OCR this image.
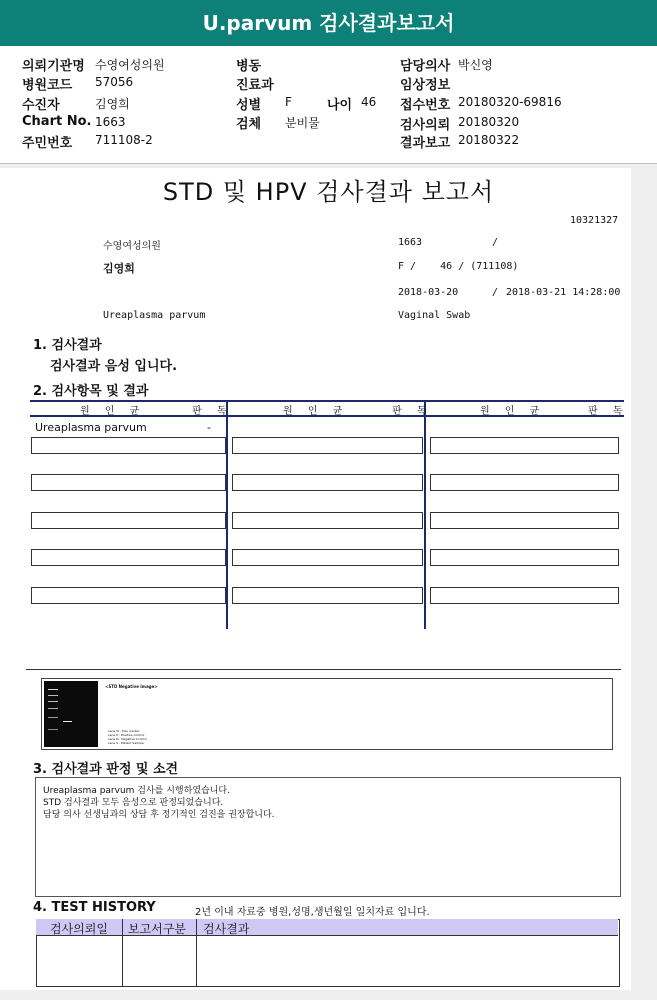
U.parvum 검사결과보고서
의뢰기관명 수영여성의원
병원코드 57056
수진자	김영희
Chart No. 1663
주민번호 711108-2
병동
진료과
성별 F	나이 46
검체 분비물
담당의사 박신영
임상정보
접수번호 20180320-69816
검사의뢰 20180320
결과보고 20180322
STD 및 HPV 검사결과 보고서
10321327
수영여성의원	1663	/
김영희	F /    46 / (711108)
2018-03-20	/ 2018-03-21 14:28:00
Ureaplasma parvum	Vaginal Swab
1. 검사결과
검사결과 음성 입니다.
2. 검사항목 및 결과
원 인 균	판 독	원 인 균	판 독	원 인 균	판 독
Ureaplasma parvum	-
<STD Negative Image>
Lane M : Size marker
Lane P : Positive Control
Lane N : Negative Control
Lane S : Patient Sample
3. 검사결과 판정 및 소견
Ureaplasma parvum 검사를 시행하였습니다.
STD 검사결과 모두 음성으로 판정되었습니다.
담당 의사 선생님과의 상담 후 정기적인 검진을 권장합니다.
4. TEST HISTORY	2년 이내 자료중 병원,성명,생년월일 일치자료 입니다.
검사의뢰일 보고서구분 검사결과
